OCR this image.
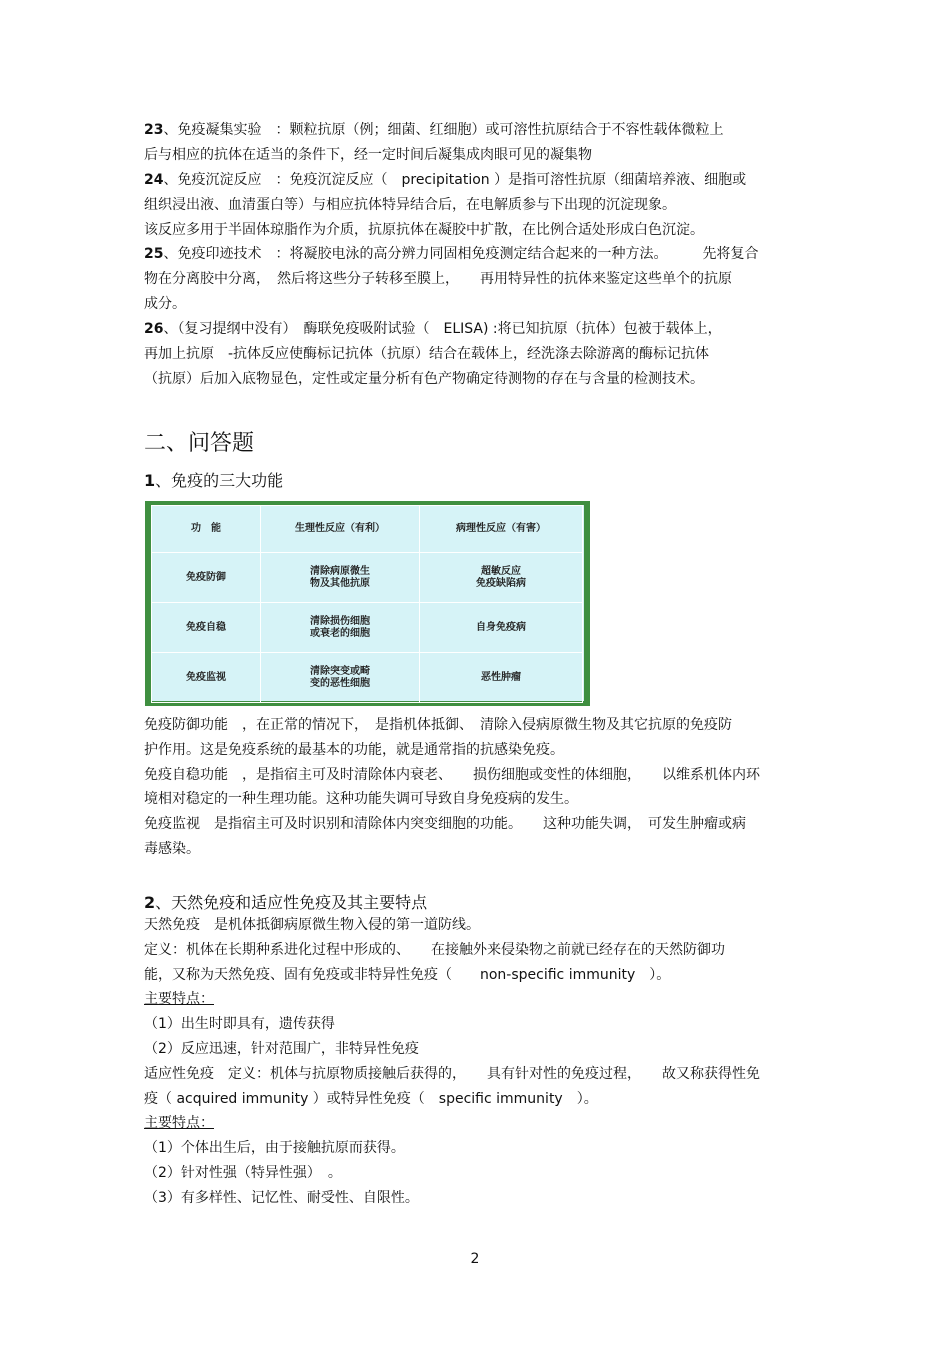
23、免疫凝集实验　：颗粒抗原（例；细菌、红细胞）或可溶性抗原结合于不容性载体微粒上
后与相应的抗体在适当的条件下，经一定时间后凝集成肉眼可见的凝集物
24、免疫沉淀反应　：免疫沉淀反应（　precipitation ）是指可溶性抗原（细菌培养液、细胞或
组织浸出液、血清蛋白等）与相应抗体特异结合后，在电解质参与下出现的沉淀现象。
该反应多用于半固体琼脂作为介质，抗原抗体在凝胶中扩散，在比例合适处形成白色沉淀。
25、免疫印迹技术　：将凝胶电泳的高分辨力同固相免疫测定结合起来的一种方法。　　　先将复合
物在分离胶中分离，　然后将这些分子转移至膜上，　　再用特异性的抗体来鉴定这些单个的抗原
成分。
26、（复习提纲中没有）　酶联免疫吸附试验（　ELISA) :将已知抗原（抗体）包被于载体上，
再加上抗原　-抗体反应使酶标记抗体（抗原）结合在载体上，经洗涤去除游离的酶标记抗体
（抗原）后加入底物显色，定性或定量分析有色产物确定待测物的存在与含量的检测技术。
二、问答题
1、免疫的三大功能
功　能	生理性反应（有利）	病理性反应（有害）

免疫防御	清除病原微生
物及其他抗原	超敏反应
免疫缺陷病

免疫自稳	清除损伤细胞
或衰老的细胞	自身免疫病

免疫监视	清除突变或畸
变的恶性细胞	恶性肿瘤
免疫防御功能　，在正常的情况下，　是指机体抵御、　清除入侵病原微生物及其它抗原的免疫防
护作用。这是免疫系统的最基本的功能，就是通常指的抗感染免疫。
免疫自稳功能　，是指宿主可及时清除体内衰老、　　损伤细胞或变性的体细胞，　　以维系机体内环
境相对稳定的一种生理功能。这种功能失调可导致自身免疫病的发生。
免疫监视　是指宿主可及时识别和清除体内突变细胞的功能。　　这种功能失调，　可发生肿瘤或病
毒感染。
2、天然免疫和适应性免疫及其主要特点
天然免疫　是机体抵御病原微生物入侵的第一道防线。
定义：机体在长期种系进化过程中形成的、　　在接触外来侵染物之前就已经存在的天然防御功
能，又称为天然免疫、固有免疫或非特异性免疫（　　non-specific immunity　）。
主要特点：
（1）出生时即具有，遗传获得
（2）反应迅速，针对范围广，非特异性免疫
适应性免疫　定义：机体与抗原物质接触后获得的，　　具有针对性的免疫过程，　　故又称获得性免
疫（ acquired immunity ）或特异性免疫（　specific immunity　）。
主要特点：
（1）个体出生后，由于接触抗原而获得。
（2）针对性强（特异性强）　。
（3）有多样性、记忆性、耐受性、自限性。
2
